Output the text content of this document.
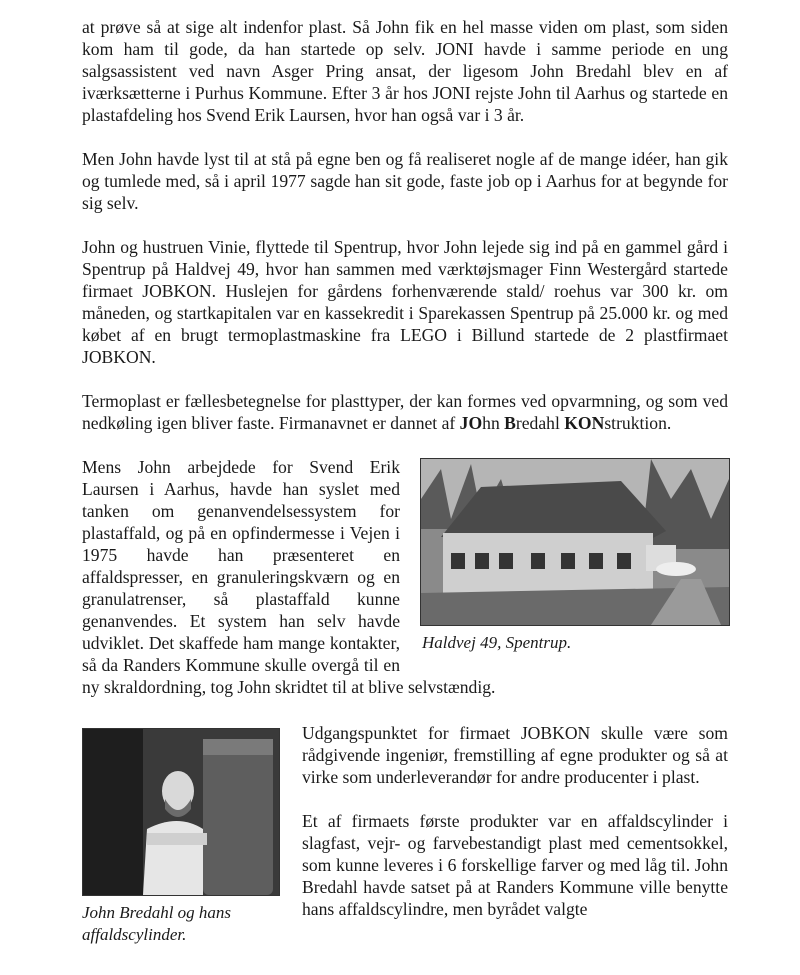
at prøve så at sige alt indenfor plast. Så John fik en hel masse viden om plast, som siden kom ham til gode, da han startede op selv. JONI havde i samme periode en ung salgsassistent ved navn Asger Pring ansat, der ligesom John Bredahl blev en af iværksætterne i Purhus Kommune. Efter 3 år hos JONI rejste John til Aarhus og startede en plastafdeling hos Svend Erik Laursen, hvor han også var i 3 år.

Men John havde lyst til at stå på egne ben og få realiseret nogle af de mange idéer, han gik og tumlede med, så i april 1977 sagde han sit gode, faste job op i Aarhus for at begynde for sig selv.

John og hustruen Vinie, flyttede til Spentrup, hvor John lejede sig ind på en gammel gård i Spentrup på Haldvej 49, hvor han sammen med værktøjsmager Finn Westergård startede firmaet JOBKON. Huslejen for gårdens forhenværende stald/ roehus var 300 kr. om måneden, og startkapitalen var en kassekredit i Sparekassen Spentrup på 25.000 kr. og med købet af en brugt termoplastmaskine fra LEGO i Billund startede de 2 plastfirmaet JOBKON.

Termoplast er fællesbetegnelse for plasttyper, der kan formes ved opvarmning, og som ved nedkøling igen bliver faste. Firmanavnet er dannet af JOhn Bredahl KONstruktion.

Haldvej 49, Spentrup.

Mens John arbejdede for Svend Erik Laursen i Aarhus, havde han syslet med tanken om genanvendelsessystem for plastaffald, og på en opfindermesse i Vejen i 1975 havde han præsenteret en affaldspresser, en granuleringskværn og en granulatrenser, så plastaffald kunne genanvendes. Et system han selv havde udviklet. Det skaffede ham mange kontakter, så da Randers Kommune skulle overgå til en ny skraldordning, tog John skridtet til at blive selvstændig.

John Bredahl og hans affaldscylinder.

Udgangspunktet for firmaet JOBKON skulle være som rådgivende ingeniør, fremstilling af egne produkter og så at virke som underleverandør for andre producenter i plast.

Et af firmaets første produkter var en affaldscylinder i slagfast, vejr- og farvebestandigt plast med cementsokkel, som kunne leveres i 6 forskellige farver og med låg til. John Bredahl havde satset på at Randers Kommune ville benytte hans affaldscylindre, men byrådet valgte
